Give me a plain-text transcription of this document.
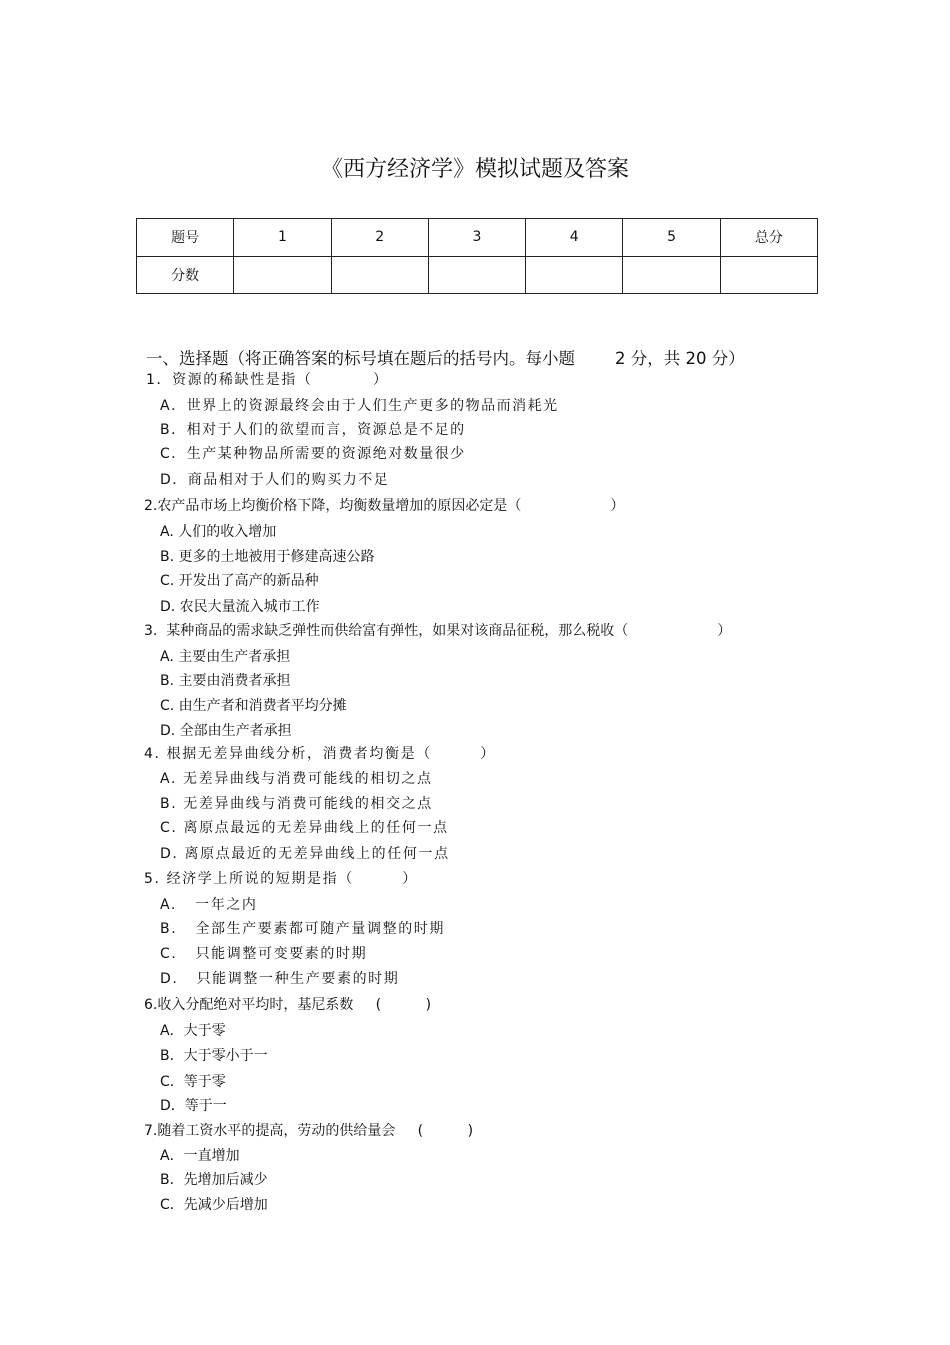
《西方经济学》模拟试题及答案
题号	1	2	3	4	5	总分
分数						
一、选择题（将正确答案的标号填在题后的括号内。每小题 2 分，共 20 分）
1．资源的稀缺性是指（          ）
A．世界上的资源最终会由于人们生产更多的物品而消耗光
B．相对于人们的欲望而言，资源总是不足的
C．生产某种物品所需要的资源绝对数量很少
D．商品相对于人们的购买力不足
2.农产品市场上均衡价格下降，均衡数量增加的原因必定是（                    ）
A. 人们的收入增加
B. 更多的土地被用于修建高速公路
C. 开发出了高产的新品种
D. 农民大量流入城市工作
3.  某种商品的需求缺乏弹性而供给富有弹性，如果对该商品征税，那么税收（                    ）
A. 主要由生产者承担
B. 主要由消费者承担
C. 由生产者和消费者平均分摊
D. 全部由生产者承担
4. 根据无差异曲线分析，消费者均衡是（        ）
A. 无差异曲线与消费可能线的相切之点
B. 无差异曲线与消费可能线的相交之点
C. 离原点最远的无差异曲线上的任何一点
D. 离原点最近的无差异曲线上的任何一点
5. 经济学上所说的短期是指（        ）
A.   一年之内
B.   全部生产要素都可随产量调整的时期
C.   只能调整可变要素的时期
D.   只能调整一种生产要素的时期
6.收入分配绝对平均时，基尼系数     (          )
A．大于零
B．大于零小于一
C．等于零
D．等于一
7.随着工资水平的提高，劳动的供给量会     (          )
A．一直增加
B．先增加后减少
C．先减少后增加
